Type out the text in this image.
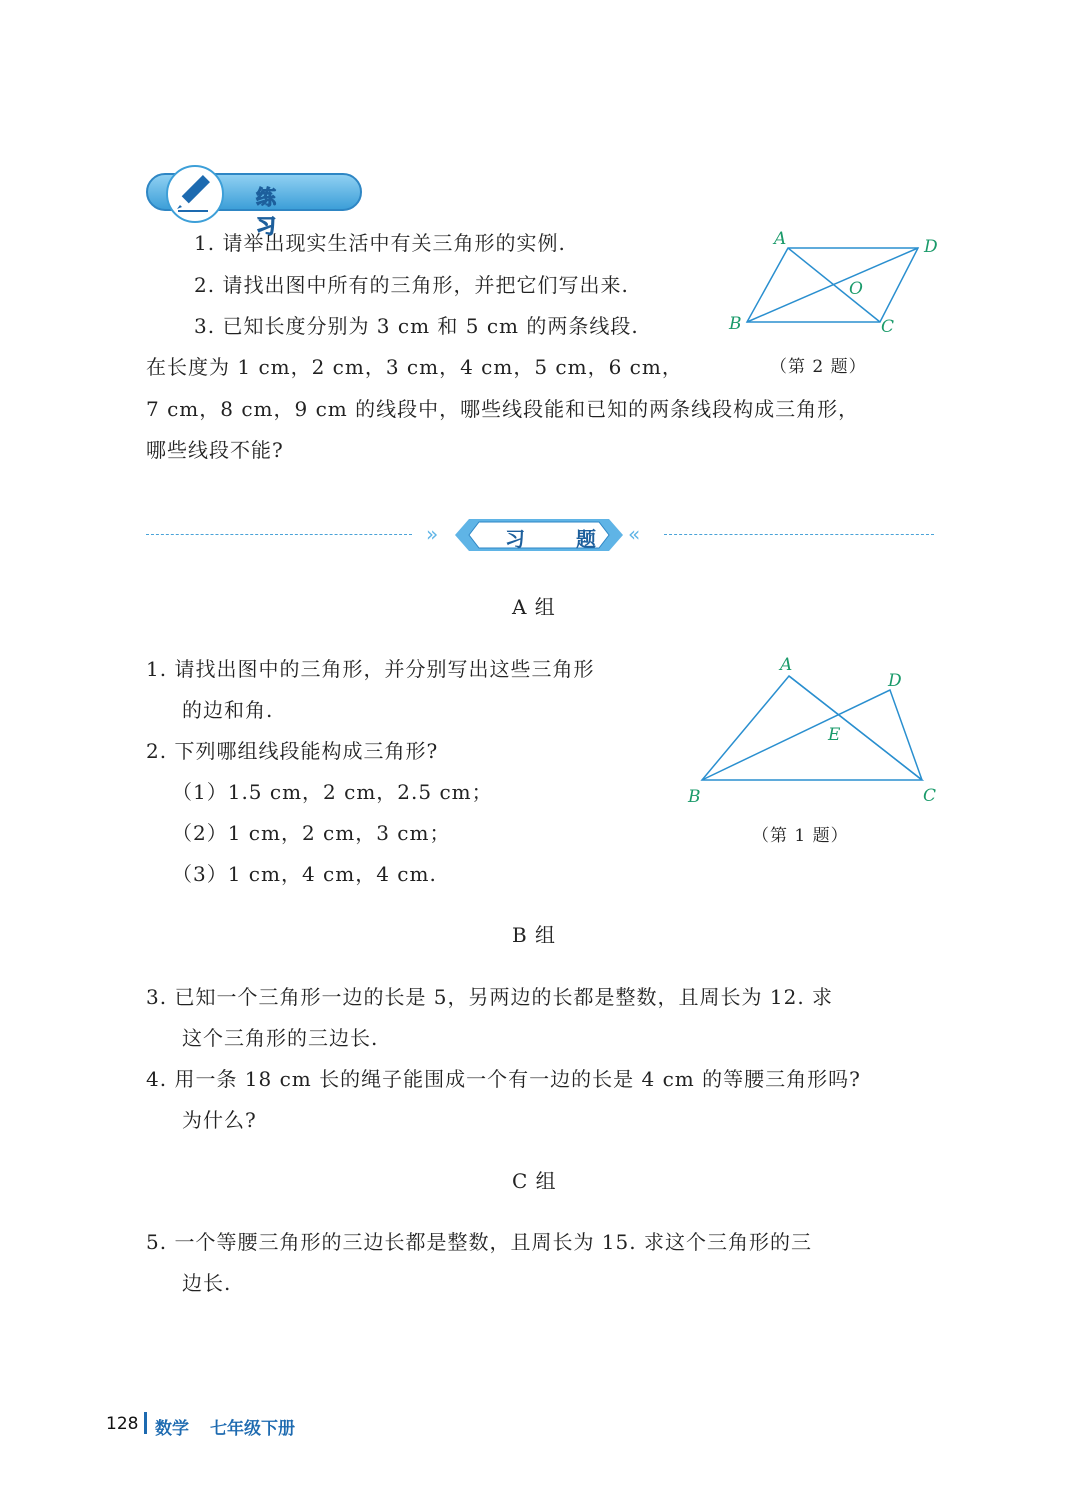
练 习
1. 请举出现实生活中有关三角形的实例.
2. 请找出图中所有的三角形，并把它们写出来.
3. 已知长度分别为 3 cm 和 5 cm 的两条线段.
在长度为 1 cm，2 cm，3 cm，4 cm，5 cm，6 cm，
7 cm，8 cm，9 cm 的线段中，哪些线段能和已知的两条线段构成三角形，
哪些线段不能?
A	D
O
B	C
A
D
E
B	C
（第 2 题）
习 题
»	«
A 组
1. 请找出图中的三角形，并分别写出这些三角形
的边和角.
2. 下列哪组线段能构成三角形?
（1）1.5 cm，2 cm，2.5 cm；
（2）1 cm，2 cm，3 cm；
（3）1 cm，4 cm，4 cm.
（第 1 题）
B 组
3. 已知一个三角形一边的长是 5，另两边的长都是整数，且周长为 12. 求
这个三角形的三边长.
4. 用一条 18 cm 长的绳子能围成一个有一边的长是 4 cm 的等腰三角形吗?
为什么?
C 组
5. 一个等腰三角形的三边长都是整数，且周长为 15. 求这个三角形的三
边长.
128 数学 七年级下册
